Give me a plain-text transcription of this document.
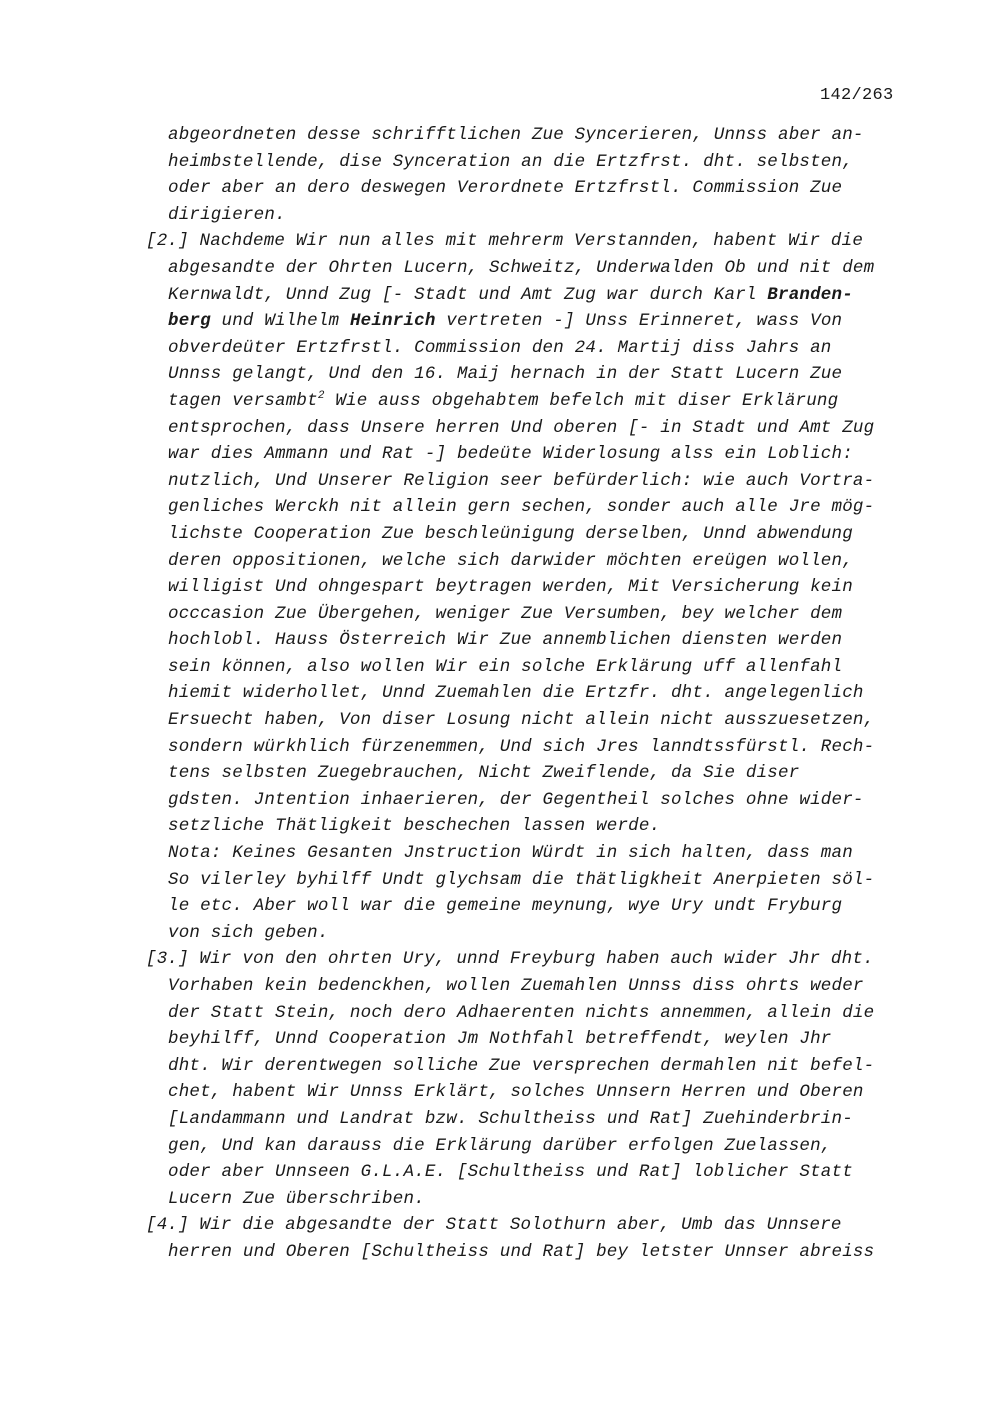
142/263
abgeordneten desse schrifftlichen Zue Syncerieren, Unnss aber an-
heimbstellende, dise Synceration an die Ertzfrst. dht. selbsten,
oder aber an dero deswegen Verordnete Ertzfrstl. Commission Zue
dirigieren.
[2.] Nachdeme Wir nun alles mit mehrerm Verstannden, habent Wir die
abgesandte der Ohrten Lucern, Schweitz, Underwalden Ob und nit dem
Kernwaldt, Unnd Zug [- Stadt und Amt Zug war durch Karl Branden-
berg und Wilhelm Heinrich vertreten -] Unss Erinneret, wass Von
obverdeüter Ertzfrstl. Commission den 24. Martij diss Jahrs an
Unnss gelangt, Und den 16. Maij hernach in der Statt Lucern Zue
tagen versambt$^2$ Wie auss obgehabtem befelch mit diser Erklärung
entsprochen, dass Unsere herren Und oberen [- in Stadt und Amt Zug
war dies Ammann und Rat -] bedeüte Widerlosung alss ein Loblich:
nutzlich, Und Unserer Religion seer befürderlich: wie auch Vortra-
genliches Werckh nit allein gern sechen, sonder auch alle Jre mög-
lichste Cooperation Zue beschleünigung derselben, Unnd abwendung
deren oppositionen, welche sich darwider möchten ereügen wollen,
willigist Und ohngespart beytragen werden, Mit Versicherung kein
occcasion Zue Übergehen, weniger Zue Versumben, bey welcher dem
hochlobl. Hauss Österreich Wir Zue annemblichen diensten werden
sein können, also wollen Wir ein solche Erklärung uff allenfahl
hiemit widerhollet, Unnd Zuemahlen die Ertzfr. dht. angelegenlich
Ersuecht haben, Von diser Losung nicht allein nicht ausszuesetzen,
sondern würkhlich fürzenemmen, Und sich Jres lanndtssfürstl. Rech-
tens selbsten Zuegebrauchen, Nicht Zweiflende, da Sie diser
gdsten. Jntention inhaerieren, der Gegentheil solches ohne wider-
setzliche Thätligkeit beschechen lassen werde.
Nota: Keines Gesanten Jnstruction Würdt in sich halten, dass man
So vilerley byhilff Undt glychsam die thätligkheit Anerpieten söl-
le etc. Aber woll war die gemeine meynung, wye Ury undt Fryburg
von sich geben.
[3.] Wir von den ohrten Ury, unnd Freyburg haben auch wider Jhr dht.
Vorhaben kein bedenckhen, wollen Zuemahlen Unnss diss ohrts weder
der Statt Stein, noch dero Adhaerenten nichts annemmen, allein die
beyhilff, Unnd Cooperation Jm Nothfahl betreffendt, weylen Jhr
dht. Wir derentwegen solliche Zue versprechen dermahlen nit befel-
chet, habent Wir Unnss Erklärt, solches Unnsern Herren und Oberen
[Landammann und Landrat bzw. Schultheiss und Rat] Zuehinderbrin-
gen, Und kan darauss die Erklärung darüber erfolgen Zuelassen,
oder aber Unnseen G.L.A.E. [Schultheiss und Rat] loblicher Statt
Lucern Zue überschriben.
[4.] Wir die abgesandte der Statt Solothurn aber, Umb das Unnsere
herren und Oberen [Schultheiss und Rat] bey letster Unnser abreiss
